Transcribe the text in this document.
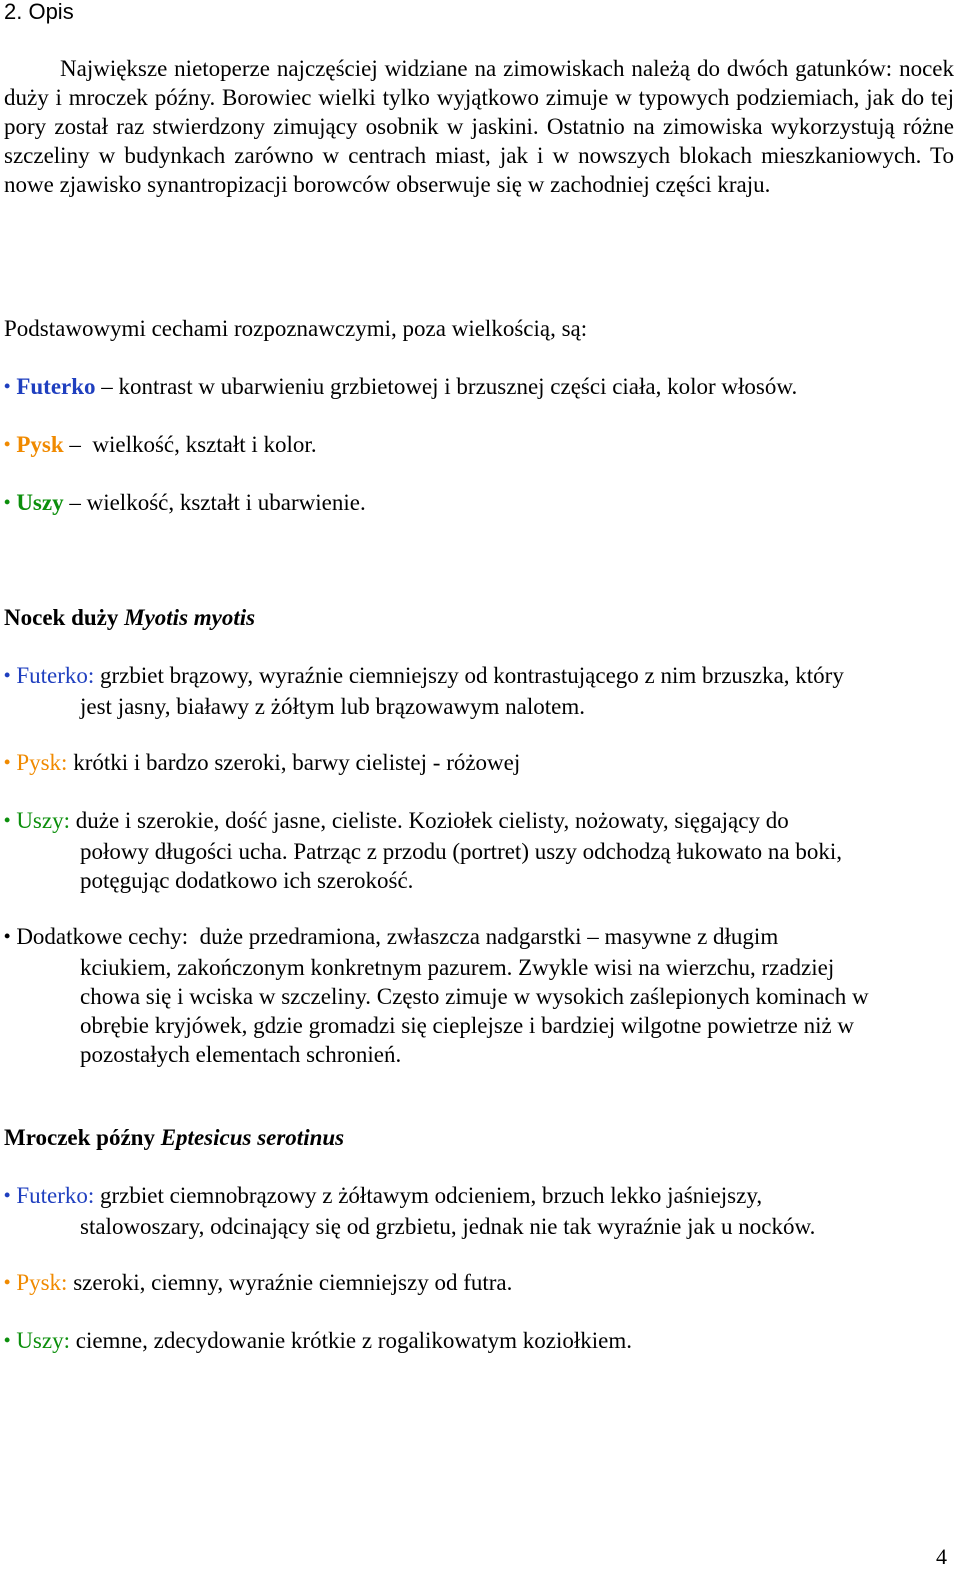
2. Opis

Największe nietoperze najczęściej widziane na zimowiskach należą do dwóch gatunków: nocek duży i mroczek późny. Borowiec wielki tylko wyjątkowo zimuje w typowych podziemiach, jak do tej pory został raz stwierdzony zimujący osobnik w jaskini. Ostatnio na zimowiska wykorzystują różne szczeliny w budynkach zarówno w centrach miast, jak i w nowszych blokach mieszkaniowych. To nowe zjawisko synantropizacji borowców obserwuje się w zachodniej części kraju.

Podstawowymi cechami rozpoznawczymi, poza wielkością, są:
• Futerko – kontrast w ubarwieniu grzbietowej i brzusznej części ciała, kolor włosów.
• Pysk – wielkość, kształt i kolor.
• Uszy – wielkość, kształt i ubarwienie.
Nocek duży Myotis myotis
• Futerko: grzbiet brązowy, wyraźnie ciemniejszy od kontrastującego z nim brzuszka, który
jest jasny, białawy z żółtym lub brązowawym nalotem.
• Pysk: krótki i bardzo szeroki, barwy cielistej - różowej
• Uszy: duże i szerokie, dość jasne, cieliste. Koziołek cielisty, nożowaty, sięgający do
połowy długości ucha. Patrząc z przodu (portret) uszy odchodzą łukowato na boki,
potęgując dodatkowo ich szerokość.
• Dodatkowe cechy: duże przedramiona, zwłaszcza nadgarstki – masywne z długim
kciukiem, zakończonym konkretnym pazurem. Zwykle wisi na wierzchu, rzadziej
chowa się i wciska w szczeliny. Często zimuje w wysokich zaślepionych kominach w
obrębie kryjówek, gdzie gromadzi się cieplejsze i bardziej wilgotne powietrze niż w
pozostałych elementach schronień.
Mroczek późny Eptesicus serotinus
• Futerko: grzbiet ciemnobrązowy z żółtawym odcieniem, brzuch lekko jaśniejszy,
stalowoszary, odcinający się od grzbietu, jednak nie tak wyraźnie jak u nocków.
• Pysk: szeroki, ciemny, wyraźnie ciemniejszy od futra.
• Uszy: ciemne, zdecydowanie krótkie z rogalikowatym koziołkiem.
4
